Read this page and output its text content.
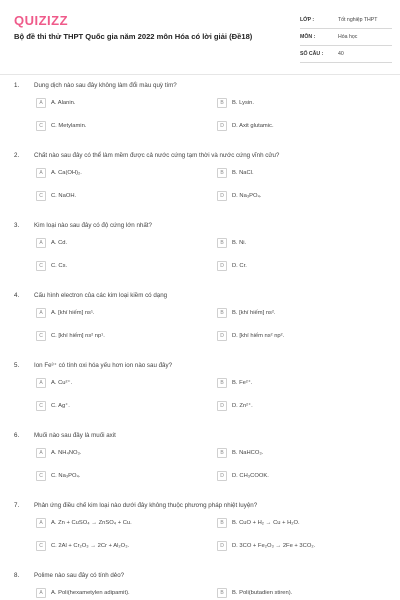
QUIZIZZ
Bộ đề thi thử THPT Quốc gia năm 2022 môn Hóa có lời giải (Đề18)
LỚP :	Tốt nghiệp THPT
MÔN :	Hóa học
SỐ CÂU :	40
1. Dung dịch nào sau đây không làm đổi màu quỳ tím?
A	A. Alanin.	B	B. Lysin.
C	C. Metylamin.	D	D. Axit glutamic.
2. Chất nào sau đây có thể làm mềm được cả nước cứng tạm thời và nước cứng vĩnh cửu?
A	A. Ca(OH)₂.	B	B. NaCl.
C	C. NaOH.	D	D. Na₃PO₄.
3. Kim loại nào sau đây có độ cứng lớn nhất?
A	A. Cd.	B	B. Ni.
C	C. Cs.	D	D. Cr.
4. Cấu hình electron của các kim loại kiềm có dạng
A	A. [khí hiếm] ns¹.	B	B. [khí hiếm] ns².
C	C. [khí hiếm] ns² np¹.	D	D. [khí hiếm ns² np².
5. Ion Fe³⁺ có tính oxi hóa yếu hơn ion nào sau đây?
A	A. Cu²⁺.	B	B. Fe²⁺.
C	C. Ag⁺.	D	D. Zn²⁺.
6. Muối nào sau đây là muối axit
A	A. NH₄NO₃.	B	B. NaHCO₃.
C	C. Na₃PO₄.	D	D. CH₃COOK.
7. Phản ứng điều chế kim loại nào dưới đây không thuộc phương pháp nhiệt luyện?
A	A. Zn + CuSO₄ → ZnSO₄ + Cu.	B	B. CuO + H₂ → Cu + H₂O.
C	C. 2Al + Cr₂O₃ → 2Cr + Al₂O₃.	D	D. 3CO + Fe₂O₃ → 2Fe + 3CO₂.
8. Polime nào sau đây có tính dẻo?
A	A. Poli(hexametylen adipamit).	B	B. Poli(butadien stiren).
